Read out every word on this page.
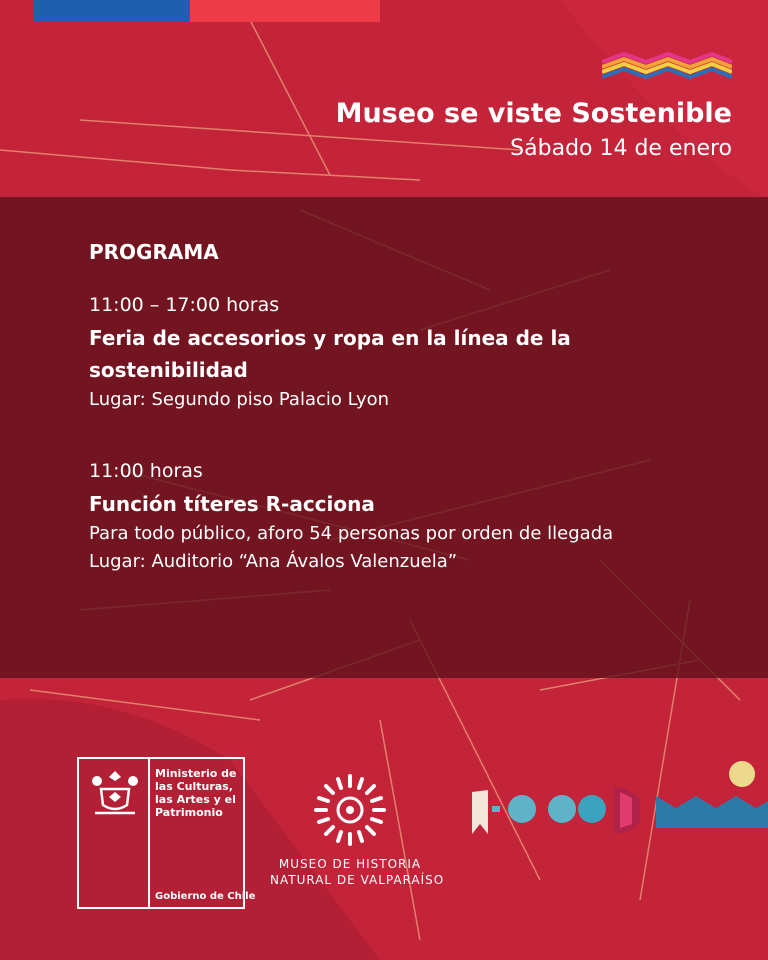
Museo se viste Sostenible
Sábado 14 de enero

PROGRAMA

11:00 – 17:00 horas

Feria de accesorios y ropa en la línea de la sostenibilidad

Lugar: Segundo piso Palacio Lyon

11:00 horas

Función títeres R-acciona

Para todo público, aforo 54 personas por orden de llegada

Lugar: Auditorio “Ana Ávalos Valenzuela”

Ministerio de las Culturas, las Artes y el Patrimonio
Gobierno de Chile
MUSEO DE HISTORIA
NATURAL DE VALPARAÍSO
